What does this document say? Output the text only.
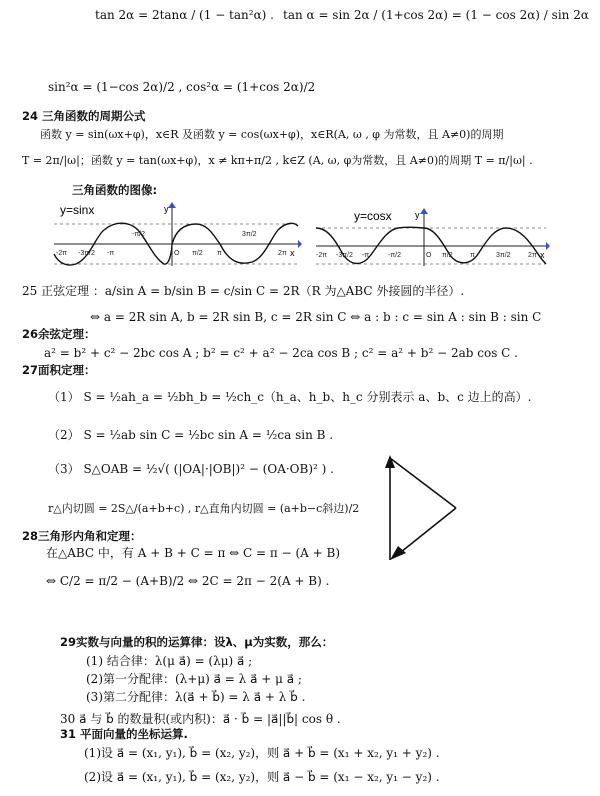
tan 2α = 2tanα / (1 − tan²α) . tan α = sin 2α / (1+cos 2α) = (1 − cos 2α) / sin 2α
sin²α = (1−cos 2α)/2 , cos²α = (1+cos 2α)/2
24 三角函数的周期公式
函数 y = sin(ωx+φ)，x∈R 及函数 y = cos(ωx+φ)，x∈R(A, ω , φ 为常数，且 A≠0)的周期
T = 2π/|ω|；函数 y = tan(ωx+φ)，x ≠ kπ+π/2 , k∈Z (A, ω, φ为常数，且 A≠0)的周期 T = π/|ω| .
三角函数的图像:
y=sinx	y
x
-2π -3π/2 -π
-π/2
O π/2 π
3π/2
2π
y=cosx	y
x
-2π -3π/2 -π	-π/2	O π/2 π	3π/2 2π
25 正弦定理 ：a/sin A = b/sin B = c/sin C = 2R（R 为△ABC 外接圆的半径）.
⇔ a = 2R sin A, b = 2R sin B, c = 2R sin C ⇔ a : b : c = sin A : sin B : sin C
26余弦定理：
a² = b² + c² − 2bc cos A ; b² = c² + a² − 2ca cos B ; c² = a² + b² − 2ab cos C .
27面积定理：
（1） S = ½ah_a = ½bh_b = ½ch_c（h_a、h_b、h_c 分别表示 a、b、c 边上的高）.
（2） S = ½ab sin C = ½bc sin A = ½ca sin B .
（3） S△OAB = ½√( (|OA|·|OB|)² − (OA·OB)² ) .
r△内切圆 = 2S△/(a+b+c) , r△直角内切圆 = (a+b−c斜边)/2
28三角形内角和定理：
在△ABC 中，有 A + B + C = π ⇔ C = π − (A + B)
⇔ C/2 = π/2 − (A+B)/2 ⇔ 2C = 2π − 2(A + B) .
29实数与向量的积的运算律：设λ、μ为实数，那么：
(1) 结合律：λ(μ a⃗) = (λμ) a⃗ ;
(2)第一分配律：(λ+μ) a⃗ = λ a⃗ + μ a⃗ ;
(3)第二分配律：λ(a⃗ + b⃗) = λ a⃗ + λ b⃗ .
30 a⃗ 与 b⃗ 的数量积(或内积)：a⃗ · b⃗ = |a⃗||b⃗| cos θ .
31 平面向量的坐标运算.
(1)设 a⃗ = (x₁, y₁), b⃗ = (x₂, y₂)，则 a⃗ + b⃗ = (x₁ + x₂, y₁ + y₂) .
(2)设 a⃗ = (x₁, y₁), b⃗ = (x₂, y₂)，则 a⃗ − b⃗ = (x₁ − x₂, y₁ − y₂) .
